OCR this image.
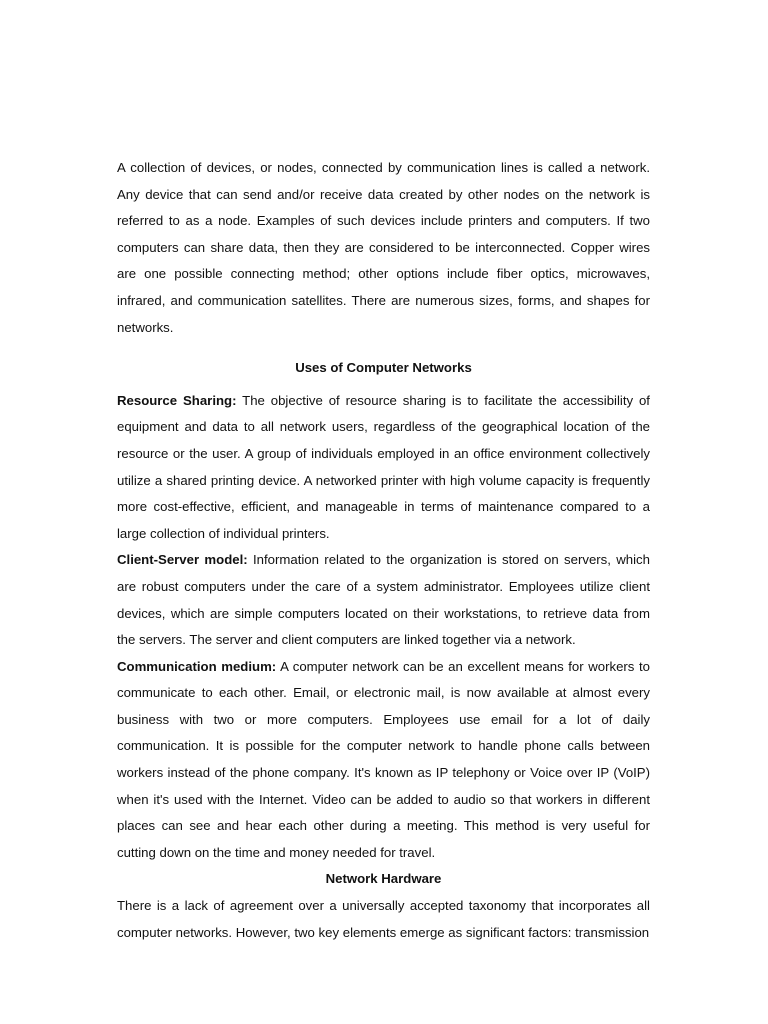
A collection of devices, or nodes, connected by communication lines is called a network. Any device that can send and/or receive data created by other nodes on the network is referred to as a node. Examples of such devices include printers and computers. If two computers can share data, then they are considered to be interconnected. Copper wires are one possible connecting method; other options include fiber optics, microwaves, infrared, and communication satellites. There are numerous sizes, forms, and shapes for networks.

Uses of Computer Networks

Resource Sharing: The objective of resource sharing is to facilitate the accessibility of equipment and data to all network users, regardless of the geographical location of the resource or the user. A group of individuals employed in an office environment collectively utilize a shared printing device. A networked printer with high volume capacity is frequently more cost-effective, efficient, and manageable in terms of maintenance compared to a large collection of individual printers.

Client-Server model: Information related to the organization is stored on servers, which are robust computers under the care of a system administrator. Employees utilize client devices, which are simple computers located on their workstations, to retrieve data from the servers. The server and client computers are linked together via a network.

Communication medium: A computer network can be an excellent means for workers to communicate to each other. Email, or electronic mail, is now available at almost every business with two or more computers. Employees use email for a lot of daily communication. It is possible for the computer network to handle phone calls between workers instead of the phone company. It's known as IP telephony or Voice over IP (VoIP) when it's used with the Internet. Video can be added to audio so that workers in different places can see and hear each other during a meeting. This method is very useful for cutting down on the time and money needed for travel.

Network Hardware

There is a lack of agreement over a universally accepted taxonomy that incorporates all computer networks. However, two key elements emerge as significant factors: transmission
